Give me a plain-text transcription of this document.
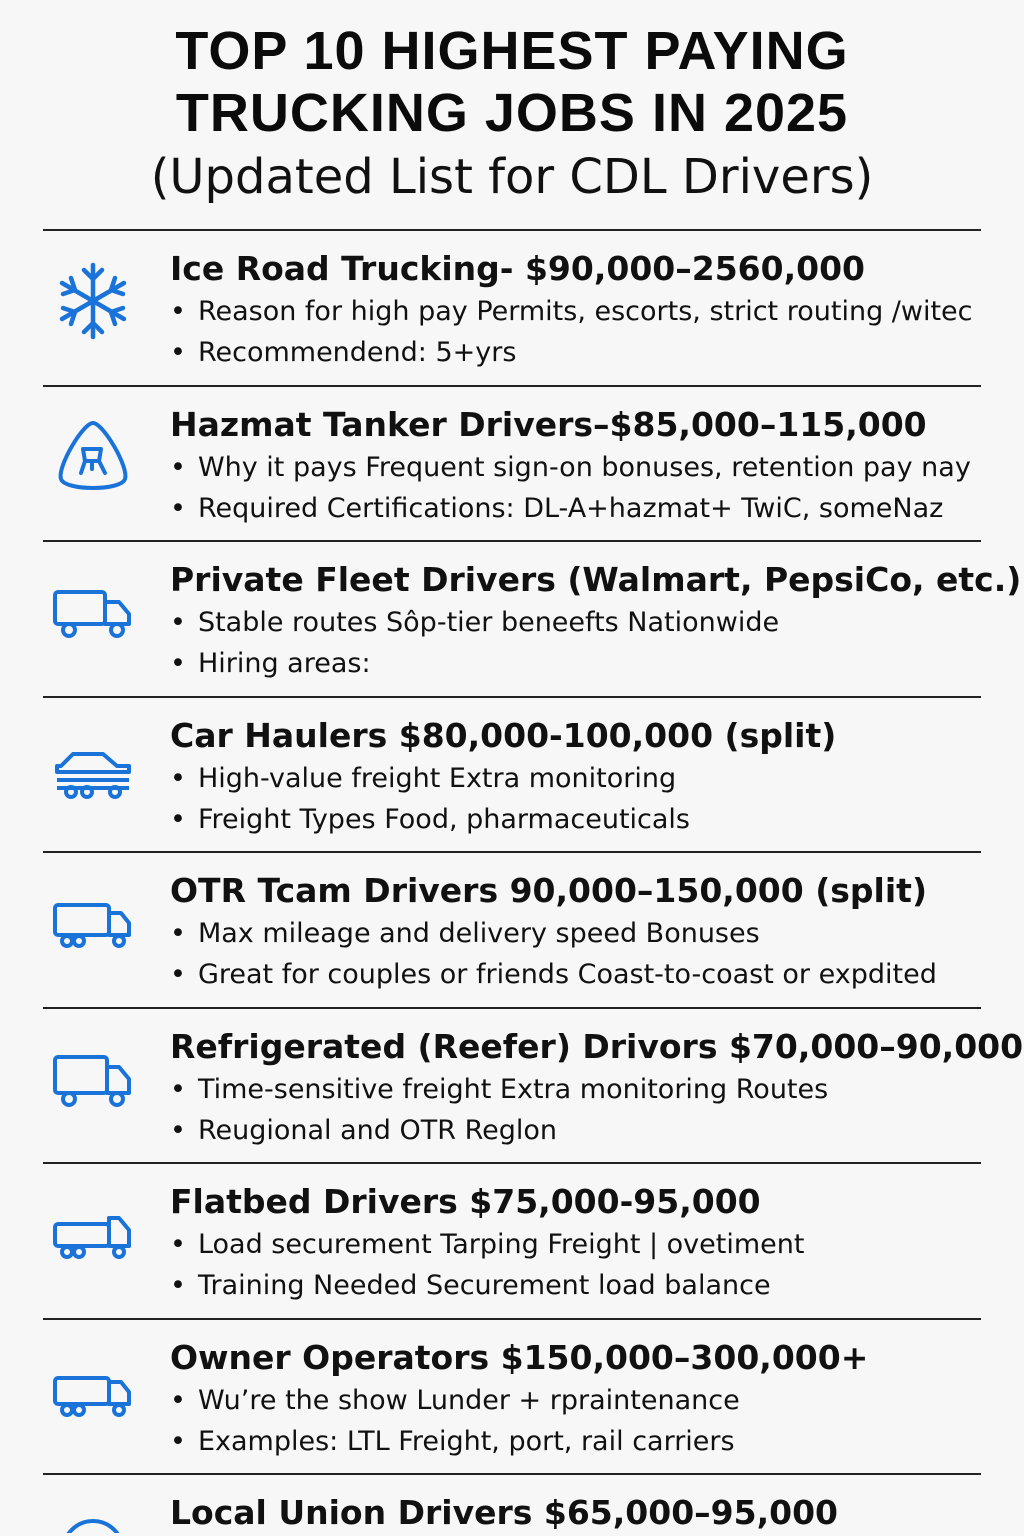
TOP 10 HIGHEST PAYING
TRUCKING JOBS IN 2025
(Updated List for CDL Drivers)
Ice Road Trucking- $90,000–2560,000
• Reason for high pay Permits, escorts, strict routing /witec
• Recommendend: 5+yrs
Hazmat Tanker Drivers–$85,000–115,000
• Why it pays Frequent sign-on bonuses, retention pay nay
• Required Certifications: DL-A+hazmat+ TwiC, someNaz
Private Fleet Drivers (Walmart, PepsiCo, etc.)
• Stable routes Sôp-tier beneefts Nationwide
• Hiring areas:
Car Haulers $80,000-100,000 (split)
• High-value freight Extra monitoring
• Freight Types Food, pharmaceuticals
OTR Tcam Drivers 90,000–150,000 (split)
• Max mileage and delivery speed Bonuses
• Great for couples or friends Coast-to-coast or expdited
Refrigerated (Reefer) Drivors $70,000–90,000
• Time-sensitive freight Extra monitoring Routes
• Reugional and OTR Reglon
Flatbed Drivers $75,000-95,000
• Load securement Tarping Freight | ovetiment
• Training Needed Securement load balance
Owner Operators $150,000–300,000+
• Wu’re the show Lunder + rpraintenance
• Examples: LTL Freight, port, rail carriers
Local Union Drivers $65,000–95,000
